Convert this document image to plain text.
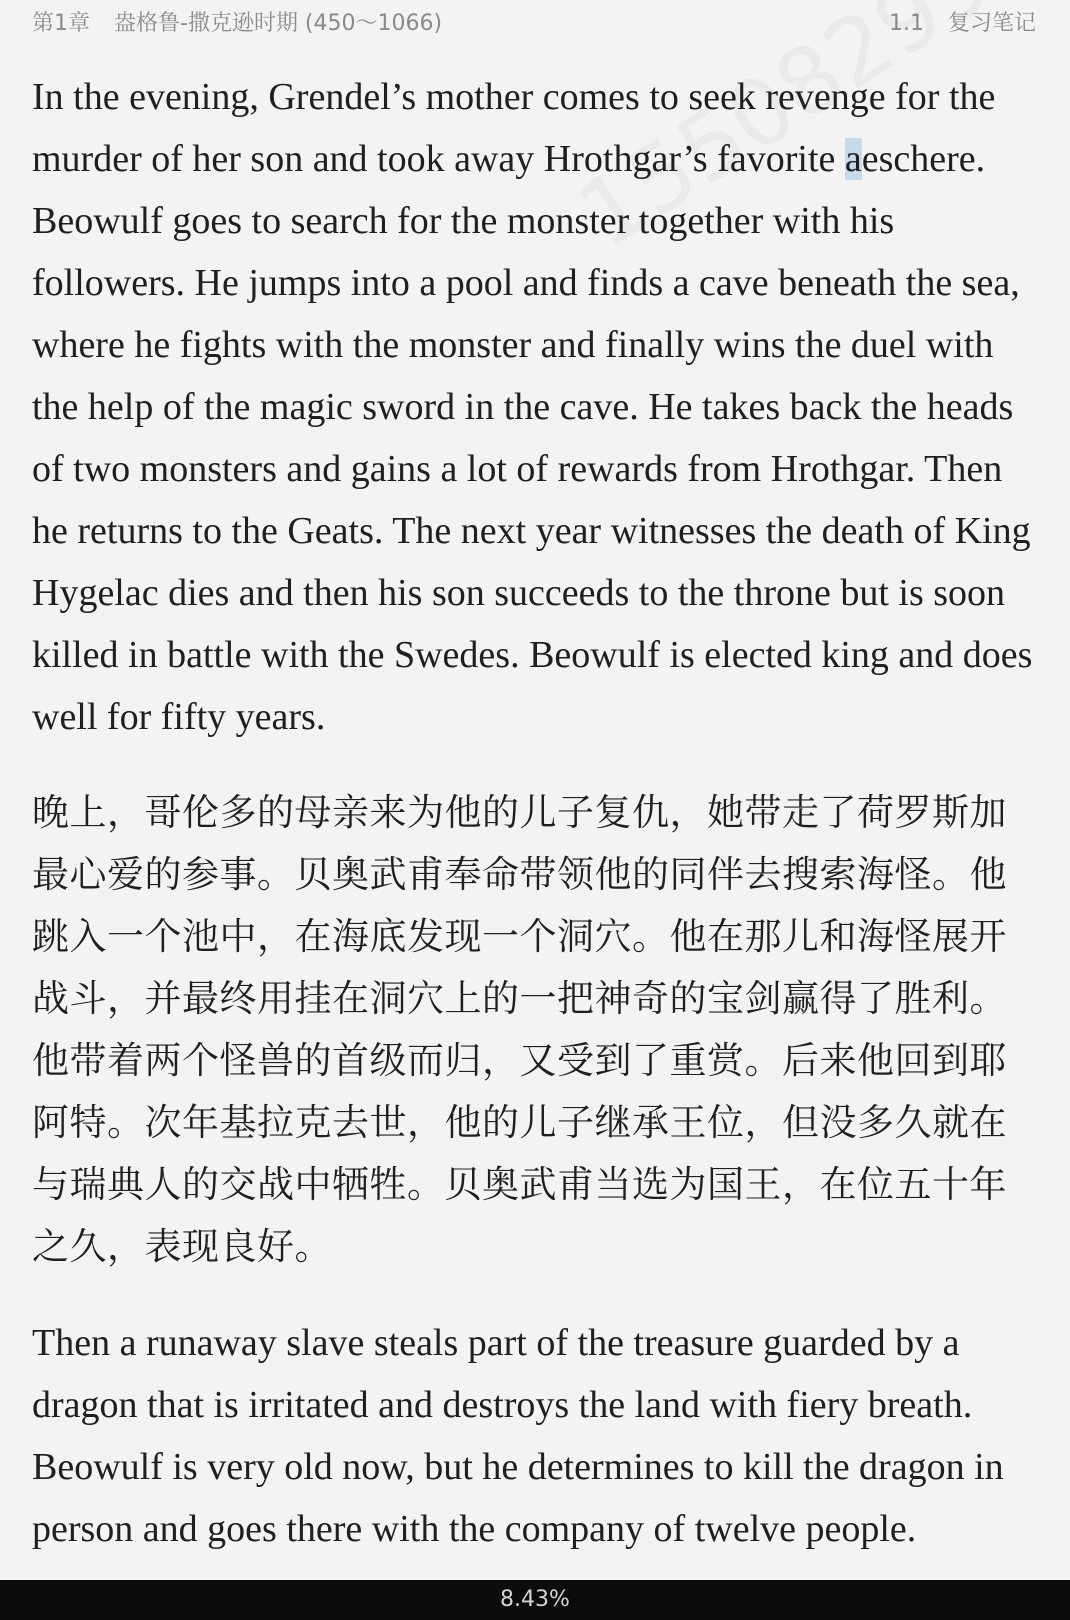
第1章 盎格鲁-撒克逊时期 (450～1066)	1.1 复习笔记

In the evening, Grendel’s mother comes to seek revenge for the murder of her son and took away Hrothgar’s favorite aeschere. Beowulf goes to search for the monster together with his followers. He jumps into a pool and finds a cave beneath the sea, where he fights with the monster and finally wins the duel with the help of the magic sword in the cave. He takes back the heads of two monsters and gains a lot of rewards from Hrothgar. Then he returns to the Geats. The next year witnesses the death of King Hygelac dies and then his son succeeds to the throne but is soon killed in battle with the Swedes. Beowulf is elected king and does well for fifty years.

晚上，哥伦多的母亲来为他的儿子复仇，她带走了荷罗斯加最心爱的参事。贝奥武甫奉命带领他的同伴去搜索海怪。他跳入一个池中，在海底发现一个洞穴。他在那儿和海怪展开战斗，并最终用挂在洞穴上的一把神奇的宝剑赢得了胜利。他带着两个怪兽的首级而归，又受到了重赏。后来他回到耶阿特。次年基拉克去世，他的儿子继承王位，但没多久就在与瑞典人的交战中牺牲。贝奥武甫当选为国王，在位五十年之久，表现良好。

Then a runaway slave steals part of the treasure guarded by a dragon that is irritated and destroys the land with fiery breath. Beowulf is very old now, but he determines to kill the dragon in person and goes there with the company of twelve people.

8.43%
